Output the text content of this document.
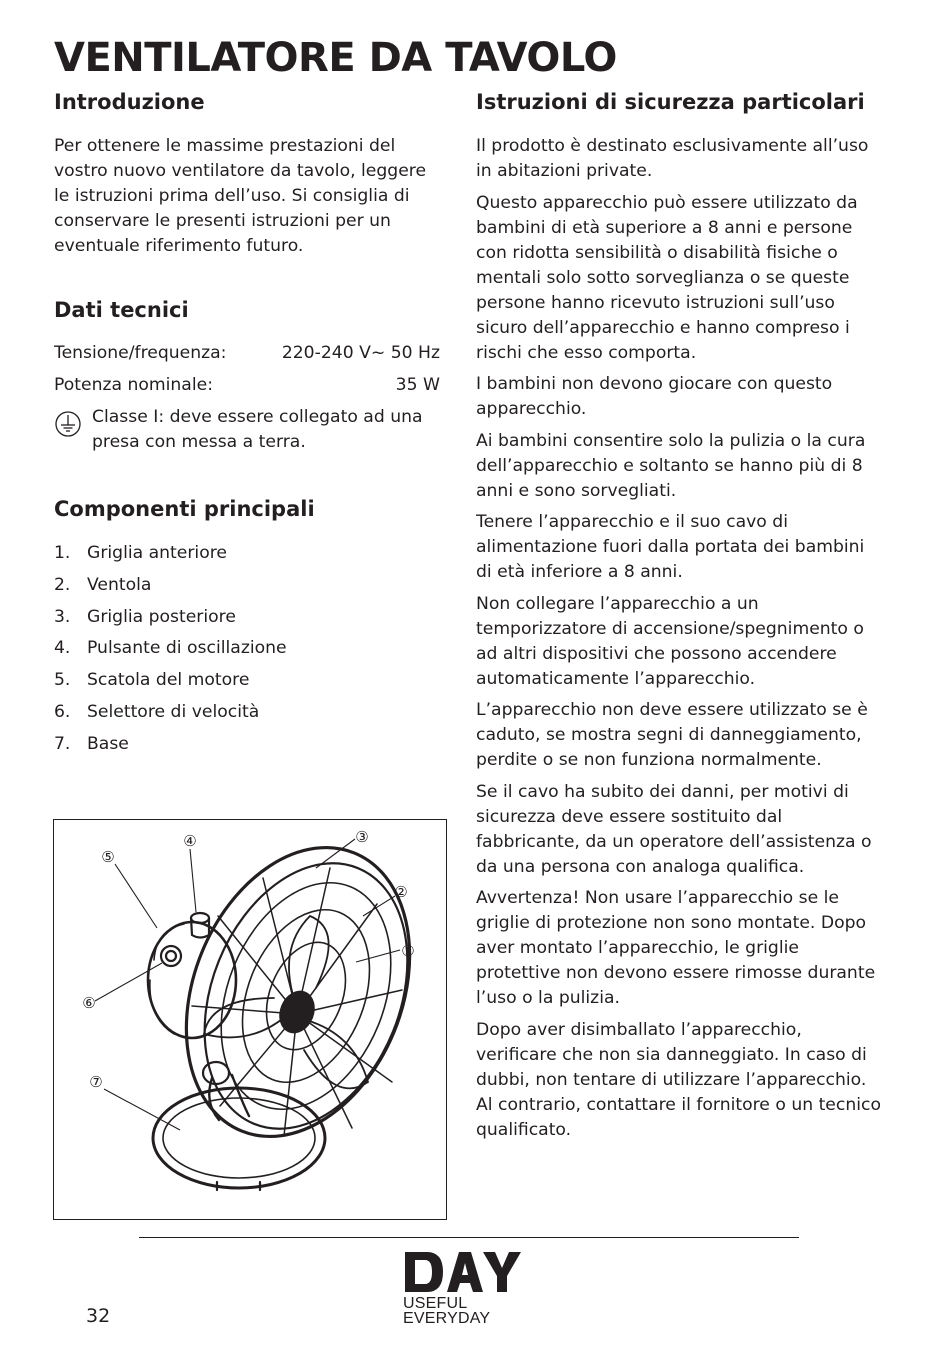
VENTILATORE DA TAVOLO
Introduzione

Per ottenere le massime prestazioni del vostro nuovo ventilatore da tavolo, leggere le istruzioni prima dell’uso. Si consiglia di conservare le presenti istruzioni per un eventuale riferimento futuro.

Dati tecnici
Tensione/frequenza:	220-240 V~ 50 Hz
Potenza nominale:	35 W

Classe I: deve essere collegato ad una presa con messa a terra.

Componenti principali
1. Griglia anteriore
2. Ventola
3. Griglia posteriore
4. Pulsante di oscillazione
5. Scatola del motore
6. Selettore di velocità
7. Base
①
②
③
④
⑤
⑥
⑦
Istruzioni di sicurezza particolari

Il prodotto è destinato esclusivamente all’uso in abitazioni private.

Questo apparecchio può essere utilizzato da bambini di età superiore a 8 anni e persone con ridotta sensibilità o disabilità fisiche o mentali solo sotto sorveglianza o se queste persone hanno ricevuto istruzioni sull’uso sicuro dell’apparecchio e hanno compreso i rischi che esso comporta.

I bambini non devono giocare con questo apparecchio.

Ai bambini consentire solo la pulizia o la cura dell’apparecchio e soltanto se hanno più di 8 anni e sono sorvegliati.

Tenere l’apparecchio e il suo cavo di alimentazione fuori dalla portata dei bambini di età inferiore a 8 anni.

Non collegare l’apparecchio a un temporizzatore di accensione/spegnimento o ad altri dispositivi che possono accendere automaticamente l’apparecchio.

L’apparecchio non deve essere utilizzato se è caduto, se mostra segni di danneggiamento, perdite o se non funziona normalmente.

Se il cavo ha subito dei danni, per motivi di sicurezza deve essere sostituito dal fabbricante, da un operatore dell’assistenza o da una persona con analoga qualifica.

Avvertenza! Non usare l’apparecchio se le griglie di protezione non sono montate. Dopo aver montato l’apparecchio, le griglie protettive non devono essere rimosse durante l’uso o la pulizia.

Dopo aver disimballato l’apparecchio, verificare che non sia danneggiato. In caso di dubbi, non tentare di utilizzare l’apparecchio. Al contrario, contattare il fornitore o un tecnico qualificato.

32
USEFUL
EVERYDAY
